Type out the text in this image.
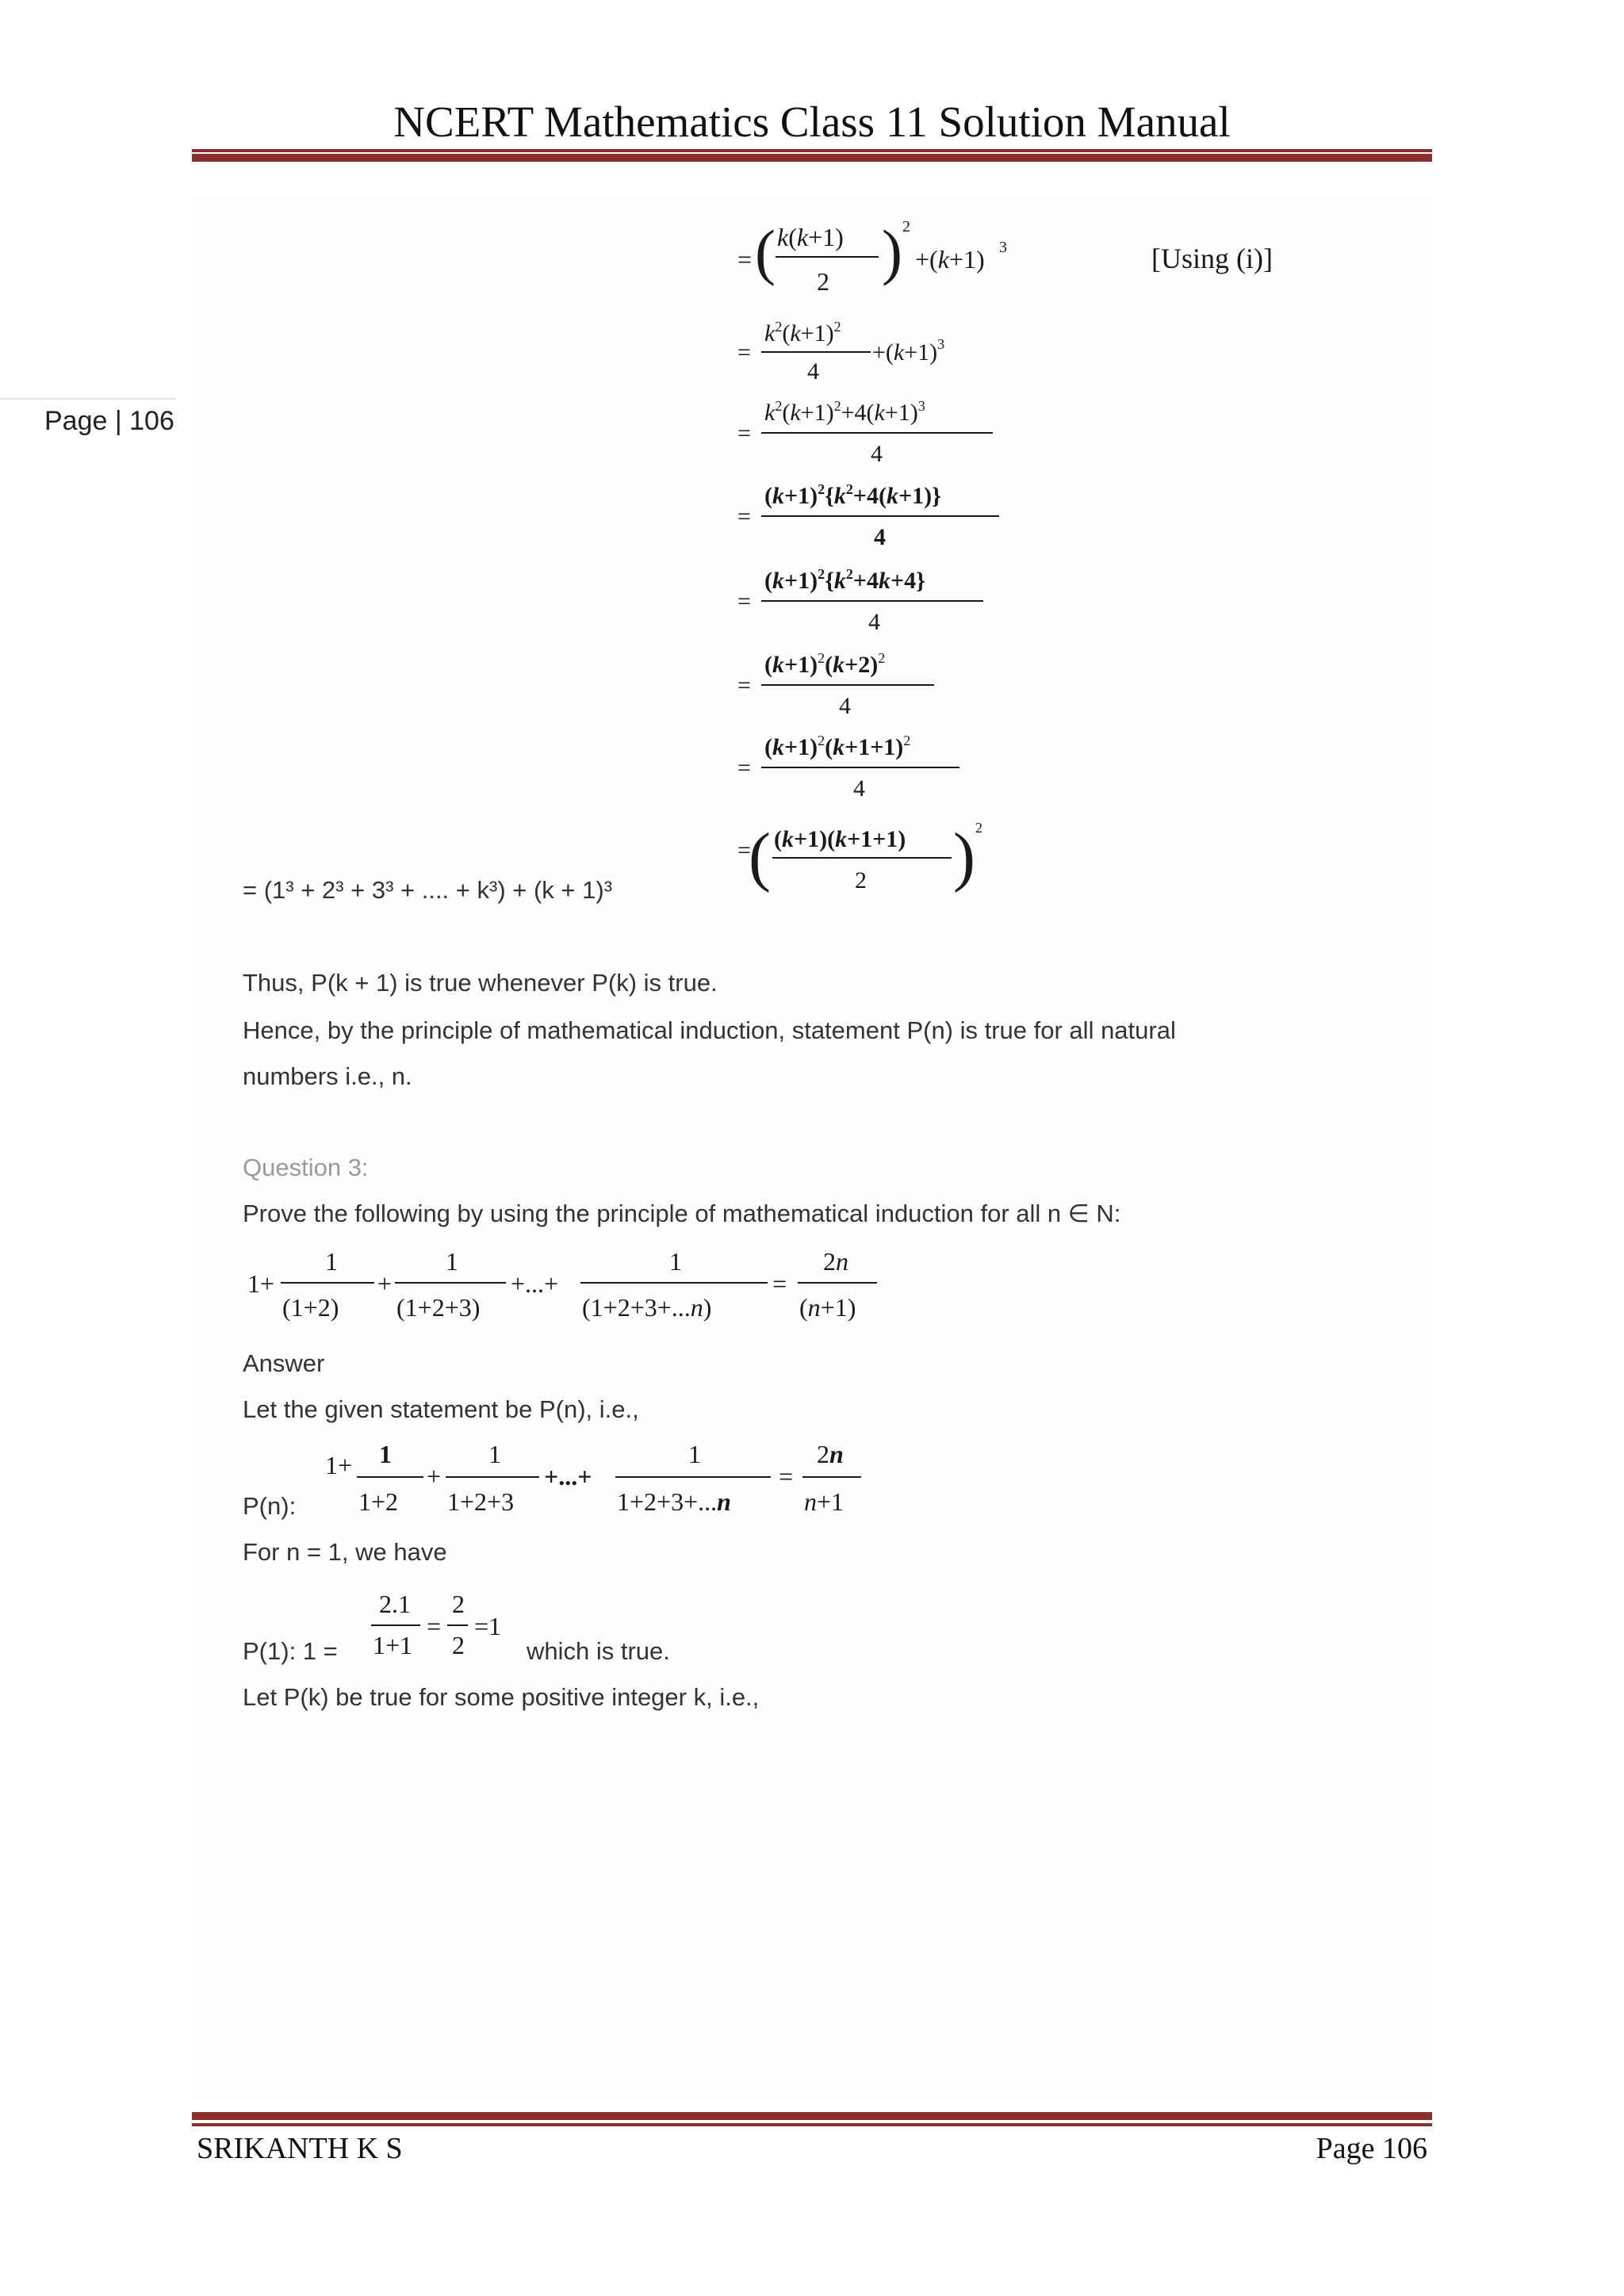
NCERT Mathematics Class 11 Solution Manual
Page | 106
= ( k(k+1)
2 ) 2
+(k+1) 3	[Using (i)]
=
$k^2(k+1)^2$
4
$+(k+1)^3$
=
$k^2(k+1)^2+4(k+1)^3$
4
=
$(k+1)^2\{k^2+4(k+1)\}$
4
=
$(k+1)^2\{k^2+4k+4\}$
4
=
$(k+1)^2(k+2)^2$
4
=
$(k+1)^2(k+1+1)^2$
4
=
( (k+1)(k+1+1)
2 ) 2
= (1³ + 2³ + 3³ + .... + k³) + (k + 1)³
Thus, P(k + 1) is true whenever P(k) is true.
Hence, by the principle of mathematical induction, statement P(n) is true for all natural
numbers i.e., n.
Question 3:
Prove the following by using the principle of mathematical induction for all n ∈ N:
1+
1
(1+2)
+
1
(1+2+3)
+...+
1
(1+2+3+...n)
=
2n
(n+1)
Answer
Let the given statement be P(n), i.e.,
P(n):
1+ 1
1+2
+
1
1+2+3
+...+
1
1+2+3+...n
=
2n
n+1
For n = 1, we have
P(1): 1 =
2.1
1+1
=
2
2
=1
which is true.
Let P(k) be true for some positive integer k, i.e.,
SRIKANTH K S	Page 106
